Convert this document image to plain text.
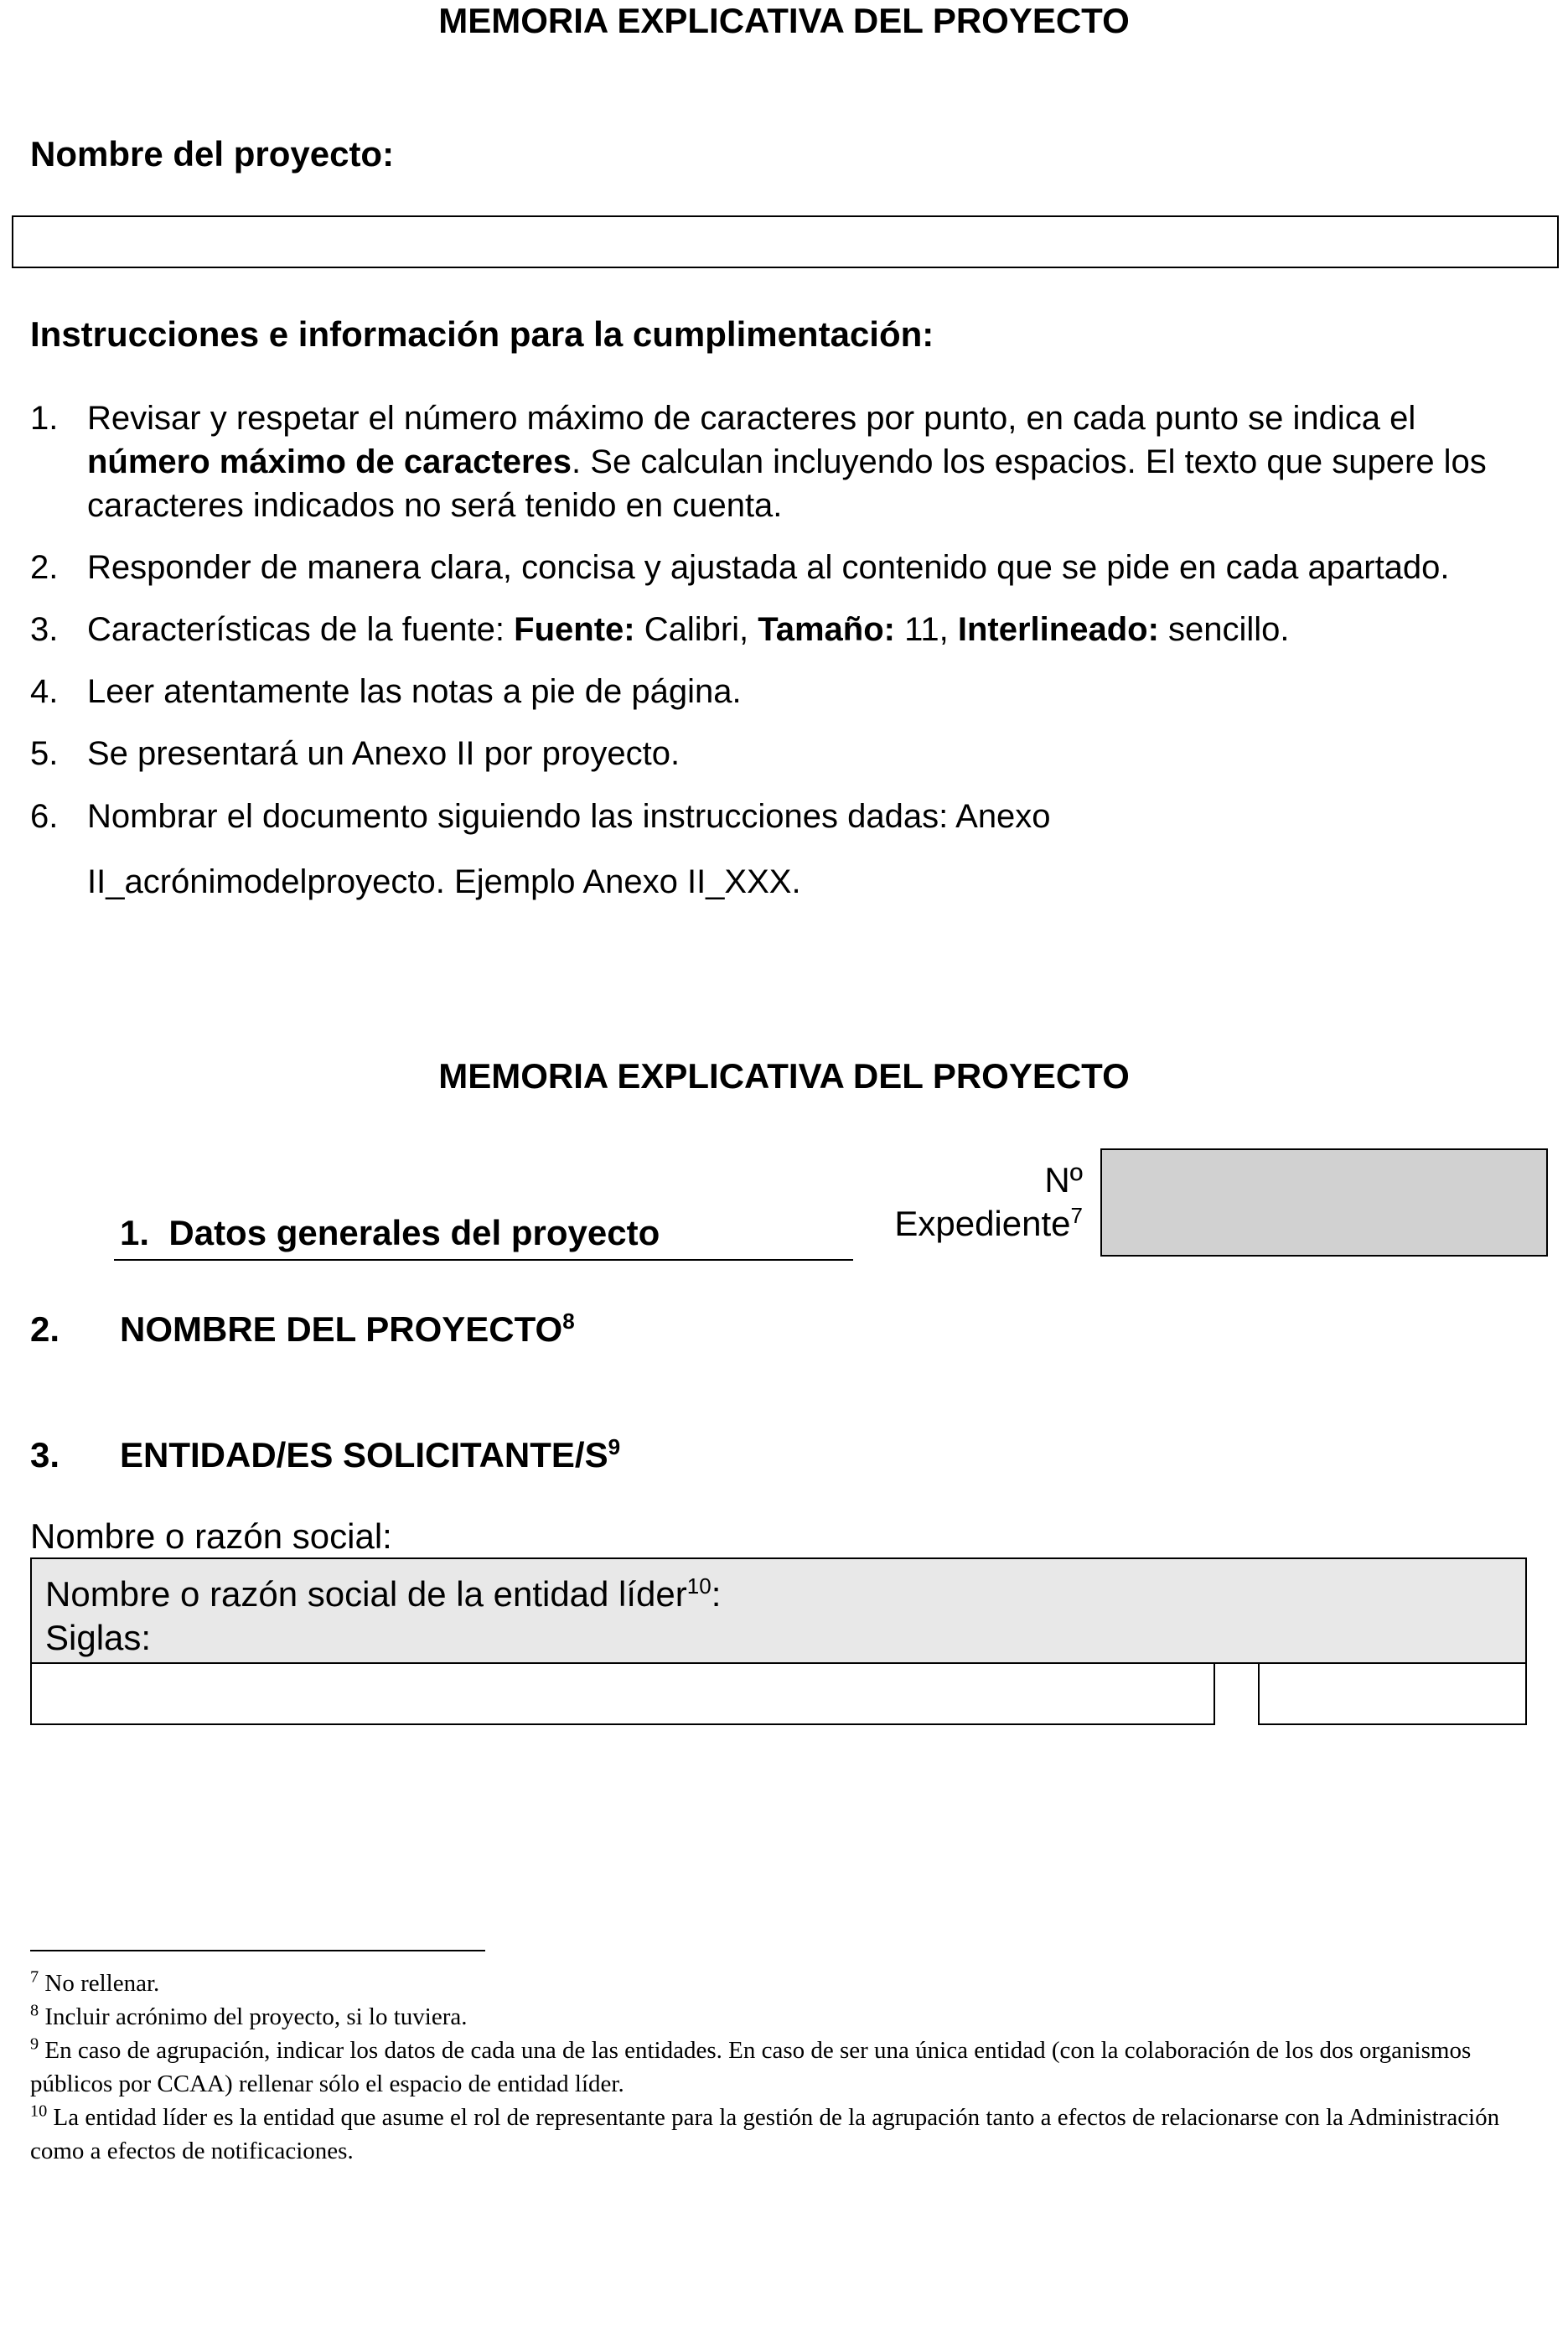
MEMORIA EXPLICATIVA DEL PROYECTO
Nombre del proyecto:
Instrucciones e información para la cumplimentación:
1. Revisar y respetar el número máximo de caracteres por punto, en cada punto se indica el número máximo de caracteres. Se calculan incluyendo los espacios. El texto que supere los caracteres indicados no será tenido en cuenta.
2. Responder de manera clara, concisa y ajustada al contenido que se pide en cada apartado.
3. Características de la fuente: Fuente: Calibri, Tamaño: 11, Interlineado: sencillo.
4. Leer atentamente las notas a pie de página.
5. Se presentará un Anexo II por proyecto.
6. Nombrar el documento siguiendo las instrucciones dadas: Anexo II_acrónimodelproyecto. Ejemplo Anexo II_XXX.
MEMORIA EXPLICATIVA DEL PROYECTO
1. Datos generales del proyecto
Nº
Expediente$^7$
2. NOMBRE DEL PROYECTO$^8$
3. ENTIDAD/ES SOLICITANTE/$S^9$
Nombre o razón social:
Nombre o razón social de la entidad líder$^{10}$:
Siglas:
$^7$ No rellenar.
$^8$ Incluir acrónimo del proyecto, si lo tuviera.
$^9$ En caso de agrupación, indicar los datos de cada una de las entidades. En caso de ser una única entidad (con la colaboración de los dos organismos públicos por CCAA) rellenar sólo el espacio de entidad líder.
$^{10}$ La entidad líder es la entidad que asume el rol de representante para la gestión de la agrupación tanto a efectos de relacionarse con la Administración como a efectos de notificaciones.
